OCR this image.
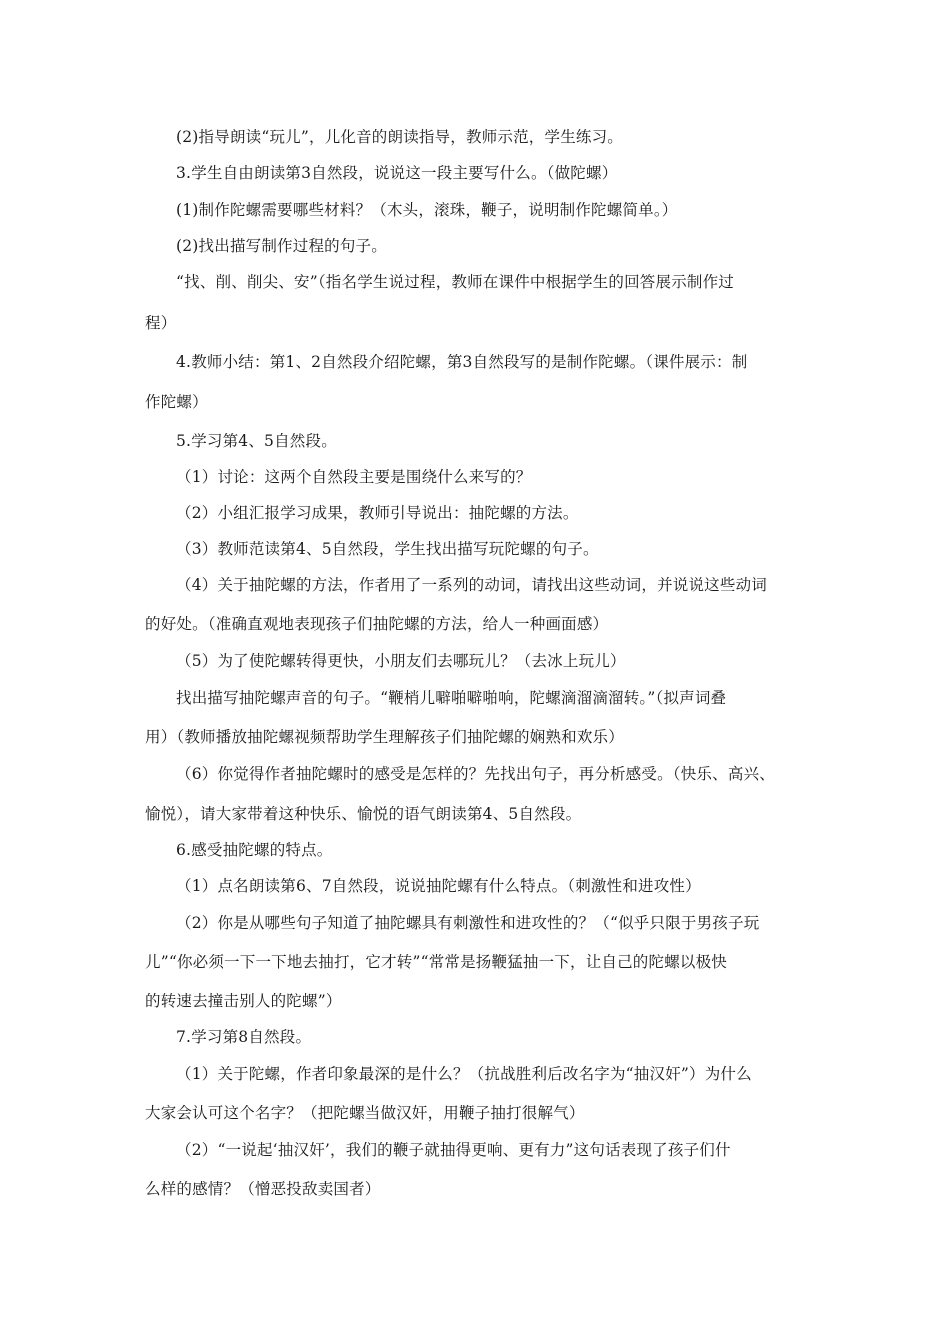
(2)指导朗读“玩儿”，儿化音的朗读指导，教师示范，学生练习。
3.学生自由朗读第3自然段，说说这一段主要写什么。（做陀螺）
(1)制作陀螺需要哪些材料？（木头，滚珠，鞭子，说明制作陀螺简单。）
(2)找出描写制作过程的句子。
“找、削、削尖、安”（指名学生说过程，教师在课件中根据学生的回答展示制作过
程）
4.教师小结：第1、2自然段介绍陀螺，第3自然段写的是制作陀螺。（课件展示：制
作陀螺）
5.学习第4、5自然段。
（1）讨论：这两个自然段主要是围绕什么来写的？
（2）小组汇报学习成果，教师引导说出：抽陀螺的方法。
（3）教师范读第4、5自然段，学生找出描写玩陀螺的句子。
（4）关于抽陀螺的方法，作者用了一系列的动词，请找出这些动词，并说说这些动词
的好处。（准确直观地表现孩子们抽陀螺的方法，给人一种画面感）
（5）为了使陀螺转得更快，小朋友们去哪玩儿？（去冰上玩儿）
找出描写抽陀螺声音的句子。“鞭梢儿噼啪噼啪响，陀螺滴溜滴溜转。”（拟声词叠
用）（教师播放抽陀螺视频帮助学生理解孩子们抽陀螺的娴熟和欢乐）
（6）你觉得作者抽陀螺时的感受是怎样的？先找出句子，再分析感受。（快乐、高兴、
愉悦），请大家带着这种快乐、愉悦的语气朗读第4、5自然段。
6.感受抽陀螺的特点。
（1）点名朗读第6、7自然段，说说抽陀螺有什么特点。（刺激性和进攻性）
（2）你是从哪些句子知道了抽陀螺具有刺激性和进攻性的？（“似乎只限于男孩子玩
儿”“你必须一下一下地去抽打，它才转”“常常是扬鞭猛抽一下，让自己的陀螺以极快
的转速去撞击别人的陀螺”）
7.学习第8自然段。
（1）关于陀螺，作者印象最深的是什么？（抗战胜利后改名字为“抽汉奸”）为什么
大家会认可这个名字？（把陀螺当做汉奸，用鞭子抽打很解气）
（2）“一说起‘抽汉奸’，我们的鞭子就抽得更响、更有力”这句话表现了孩子们什
么样的感情？（憎恶投敌卖国者）
